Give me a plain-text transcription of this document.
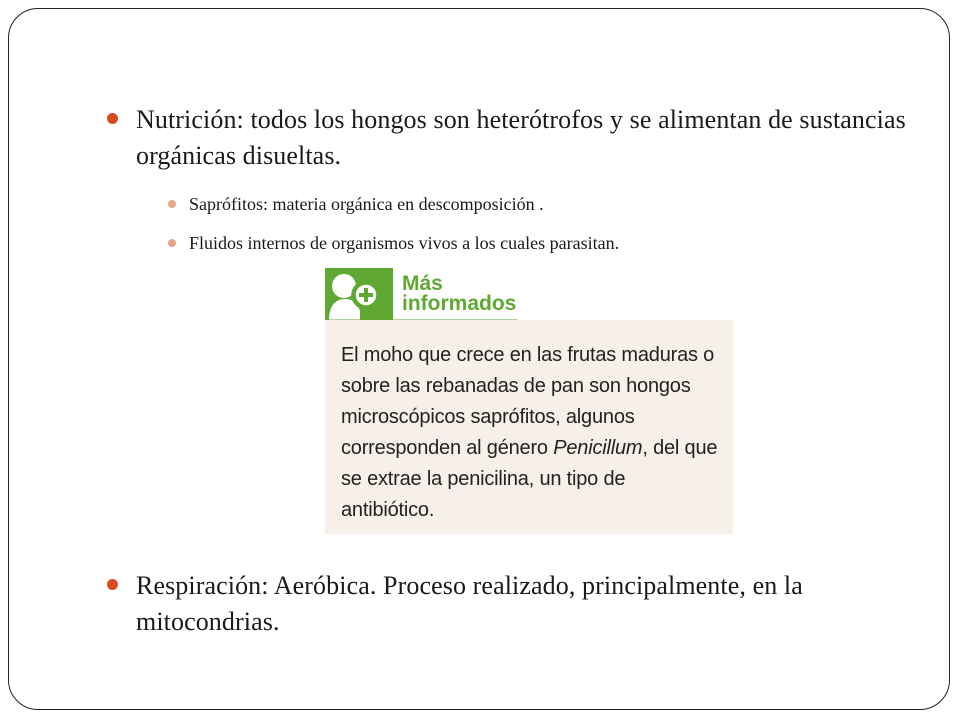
Nutrición: todos los hongos son heterótrofos y se alimentan de sustancias orgánicas disueltas.
Saprófitos: materia orgánica en descomposición .
Fluidos internos de organismos vivos a los cuales parasitan.
Más
informados

El moho que crece en las frutas maduras o sobre las rebanadas de pan son hongos microscópicos saprófitos, algunos corresponden al género Penicillum, del que se extrae la penicilina, un tipo de antibiótico.

Respiración: Aeróbica. Proceso realizado, principalmente, en la mitocondrias.
